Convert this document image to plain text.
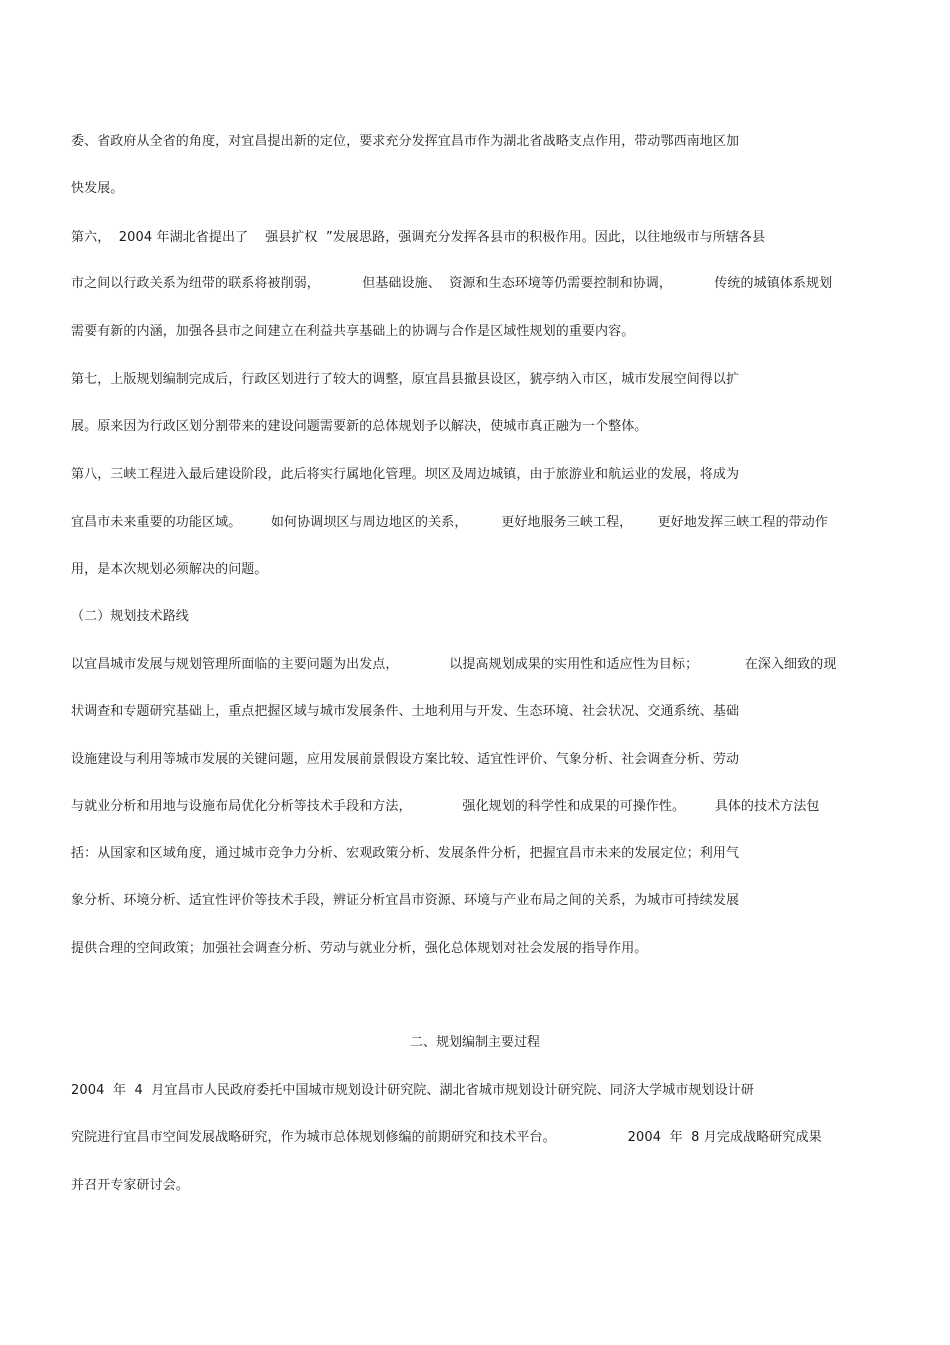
委、省政府从全省的角度，对宜昌提出新的定位，要求充分发挥宜昌市作为湖北省战略支点作用，带动鄂西南地区加
快发展。
第六，  2004 年湖北省提出了    强县扩权  ”发展思路，强调充分发挥各县市的积极作用。因此，以往地级市与所辖各县
市之间以行政关系为纽带的联系将被削弱，          但基础设施、  资源和生态环境等仍需要控制和协调，          传统的城镇体系规划
需要有新的内涵，加强各县市之间建立在利益共享基础上的协调与合作是区域性规划的重要内容。
第七，上版规划编制完成后，行政区划进行了较大的调整，原宜昌县撤县设区，猇亭纳入市区，城市发展空间得以扩
展。原来因为行政区划分割带来的建设问题需要新的总体规划予以解决，使城市真正融为一个整体。
第八，三峡工程进入最后建设阶段，此后将实行属地化管理。坝区及周边城镇，由于旅游业和航运业的发展，将成为
宜昌市未来重要的功能区域。       如何协调坝区与周边地区的关系，        更好地服务三峡工程，      更好地发挥三峡工程的带动作
用，是本次规划必须解决的问题。
（二）规划技术路线
以宜昌城市发展与规划管理所面临的主要问题为出发点，            以提高规划成果的实用性和适应性为目标；           在深入细致的现
状调查和专题研究基础上，重点把握区域与城市发展条件、土地利用与开发、生态环境、社会状况、交通系统、基础
设施建设与利用等城市发展的关键问题，应用发展前景假设方案比较、适宜性评价、气象分析、社会调查分析、劳动
与就业分析和用地与设施布局优化分析等技术手段和方法，            强化规划的科学性和成果的可操作性。       具体的技术方法包
括：从国家和区域角度，通过城市竞争力分析、宏观政策分析、发展条件分析，把握宜昌市未来的发展定位；利用气
象分析、环境分析、适宜性评价等技术手段，辨证分析宜昌市资源、环境与产业布局之间的关系，为城市可持续发展
提供合理的空间政策；加强社会调查分析、劳动与就业分析，强化总体规划对社会发展的指导作用。
二、规划编制主要过程
2004  年  4  月宜昌市人民政府委托中国城市规划设计研究院、湖北省城市规划设计研究院、同济大学城市规划设计研
究院进行宜昌市空间发展战略研究，作为城市总体规划修编的前期研究和技术平台。                 2004  年  8 月完成战略研究成果
并召开专家研讨会。
